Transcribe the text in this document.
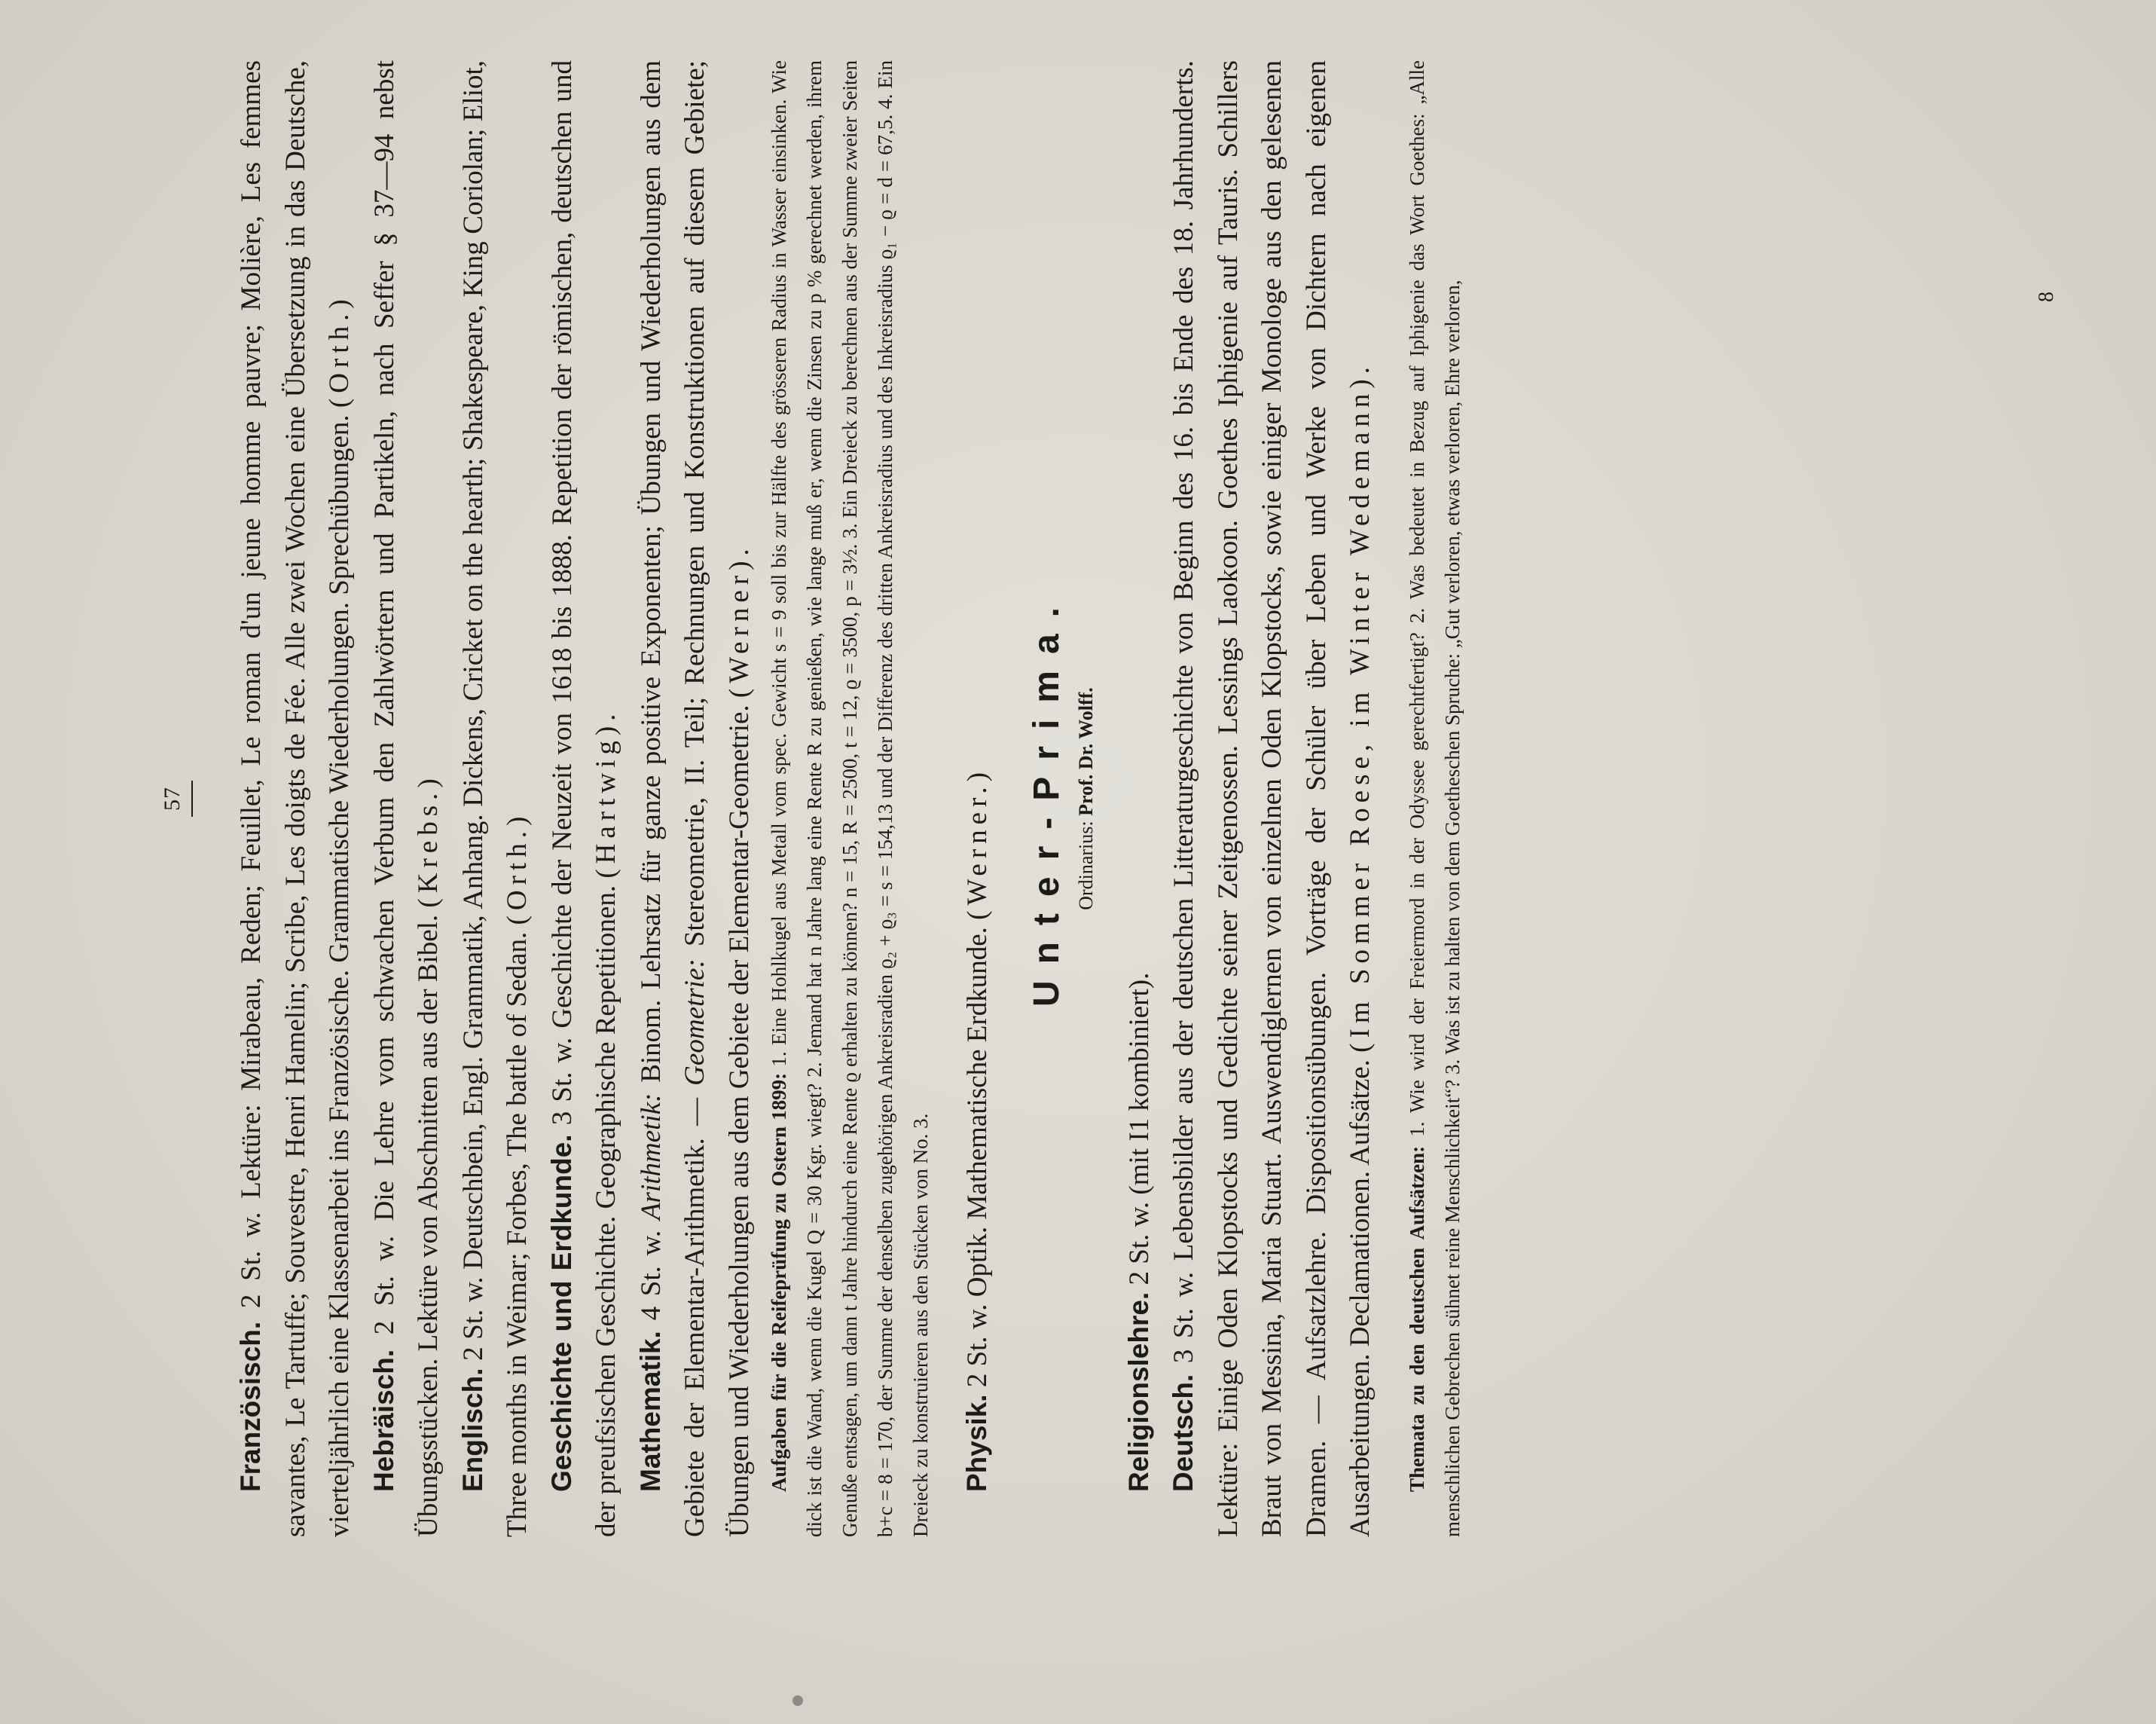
8
57

Französisch. 2 St. w. Lektüre: Mirabeau, Reden; Feuillet, Le roman d'un jeune homme pauvre; Molière, Les femmes savantes, Le Tartuffe; Souvestre, Henri Hamelin; Scribe, Les doigts de Fée. Alle zwei Wochen eine Übersetzung in das Deutsche, vierteljährlich eine Klassenarbeit ins Französische. Grammatische Wiederholungen. Sprechübungen. (Orth.)

Hebräisch. 2 St. w. Die Lehre vom schwachen Verbum den Zahlwörtern und Partikeln, nach Seffer § 37—94 nebst Übungsstücken. Lektüre von Abschnitten aus der Bibel. (Krebs.)

Englisch. 2 St. w. Deutschbein, Engl. Grammatik, Anhang. Dickens, Cricket on the hearth; Shakespeare, King Coriolan; Eliot, Three months in Weimar; Forbes, The battle of Sedan. (Orth.)

Geschichte und Erdkunde. 3 St. w. Geschichte der Neuzeit von 1618 bis 1888. Repetition der römischen, deutschen und der preufsischen Geschichte. Geographische Repetitionen. (Hartwig).

Mathematik. 4 St. w. Arithmetik: Binom. Lehrsatz für ganze positive Exponenten; Übungen und Wiederholungen aus dem Gebiete der Elementar-Arithmetik. — Geometrie: Stereometrie, II. Teil; Rechnungen und Konstruktionen auf diesem Gebiete; Übungen und Wiederholungen aus dem Gebiete der Elementar-Geometrie. (Werner).

Aufgaben für die Reifeprüfung zu Ostern 1899: 1. Eine Hohlkugel aus Metall vom spec. Gewicht s = 9 soll bis zur Hälfte des grösseren Radius in Wasser einsinken. Wie dick ist die Wand, wenn die Kugel Q = 30 Kgr. wiegt? 2. Jemand hat n Jahre lang eine Rente R zu genießen, wie lange muß er, wenn die Zinsen zu p % gerechnet werden, ihrem Genuße entsagen, um dann t Jahre hindurch eine Rente ϱ erhalten zu können? n = 15, R = 2500, t = 12, ϱ = 3500, p = 3½. 3. Ein Dreieck zu berechnen aus der Summe zweier Seiten b+c = 8 = 170, der Summe der denselben zugehörigen Ankreisradien ϱ₂ + ϱ₃ = s = 154,13 und der Differenz des dritten Ankreisradius und des Inkreisradius ϱ₁ − ϱ = d = 67,5. 4. Ein Dreieck zu konstruieren aus den Stücken von No. 3. Physik. 2 St. w. Optik. Mathematische Erdkunde. (Werner.) Unter-Prima. Ordinarius: Prof. Dr. Wolff.

Religionslehre. 2 St. w. (mit I1 kombiniert).

Deutsch. 3 St. w. Lebensbilder aus der deutschen Litteraturgeschichte von Beginn des 16. bis Ende des 18. Jahrhunderts. Lektüre: Einige Oden Klopstocks und Gedichte seiner Zeitgenossen. Lessings Laokoon. Goethes Iphigenie auf Tauris. Schillers Braut von Messina, Maria Stuart. Auswendiglernen von einzelnen Oden Klopstocks, sowie einiger Monologe aus den gelesenen Dramen. — Aufsatzlehre. Dispositionsübungen. Vorträge der Schüler über Leben und Werke von Dichtern nach eigenen Ausarbeitungen. Declamationen. Aufsätze. (Im Sommer Roese, im Winter Wedemann).

Themata zu den deutschen Aufsätzen: 1. Wie wird der Freiermord in der Odyssee gerechtfertigt? 2. Was bedeutet in Bezug auf Iphigenie das Wort Goethes: „Alle menschlichen Gebrechen sühnet reine Menschlichkeit“? 3. Was ist zu halten von dem Goetheschen Spruche: „Gut verloren, etwas verloren, Ehre verloren,
